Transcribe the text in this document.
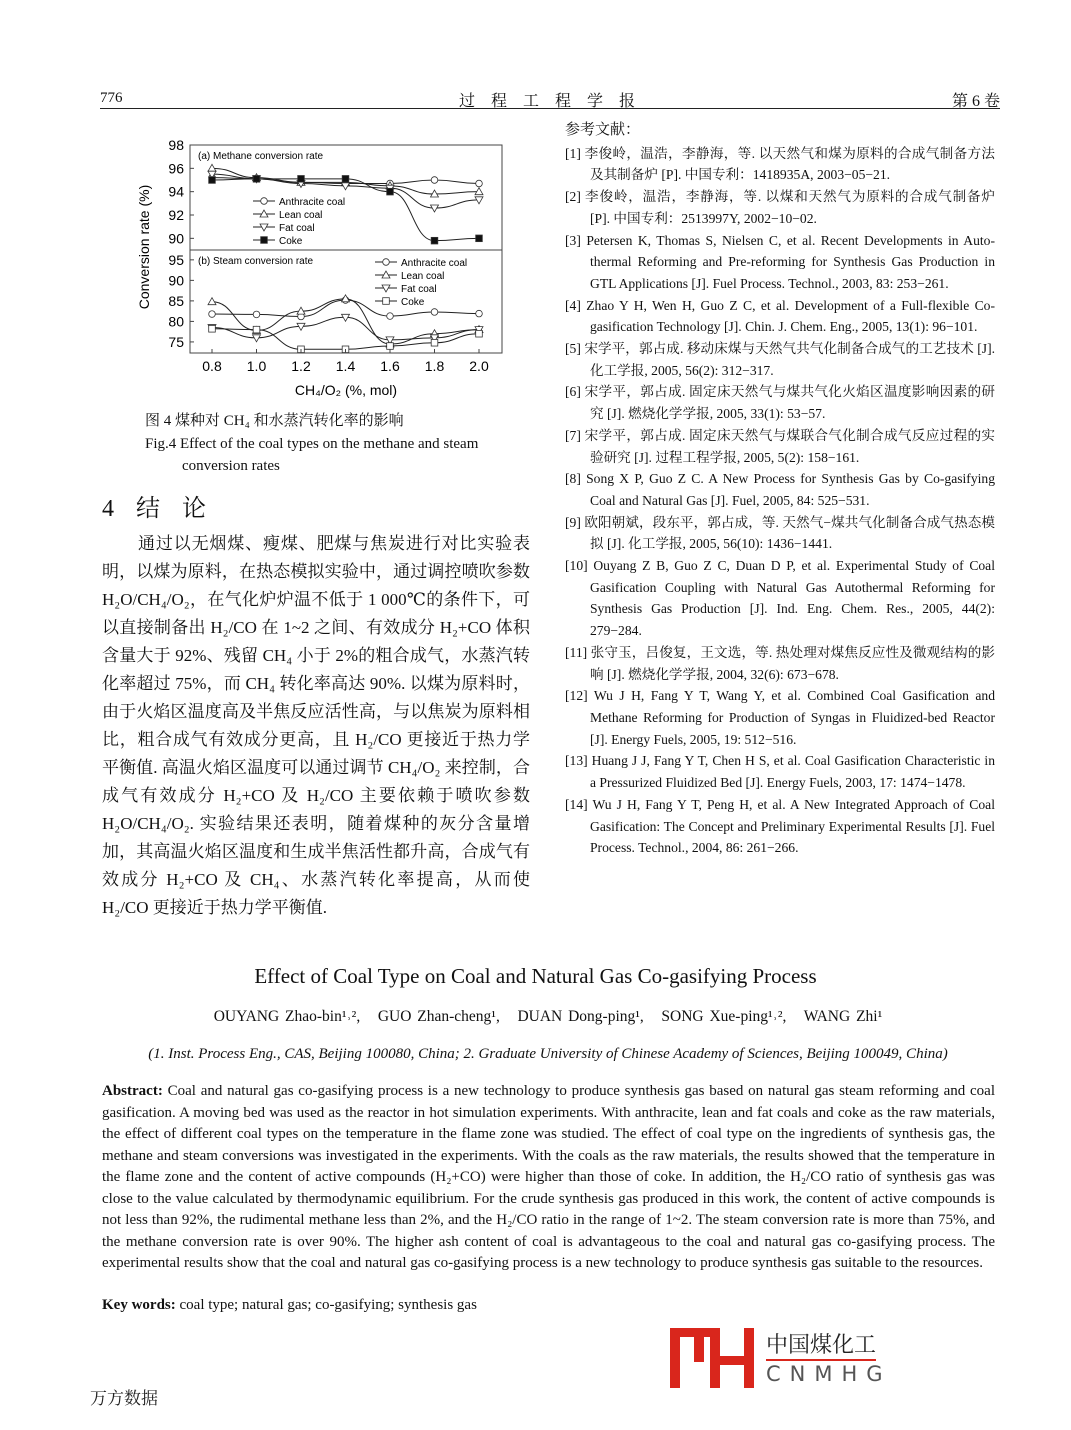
776	过 程 工 程 学 报	第 6 卷
90
92
94
96
98
(a) Methane conversion rate
Anthracite coal
Lean coal
Fat coal
Coke
75
80
85
90
95 (b) Steam conversion rate	Anthracite coal
Lean coal
Fat coal
Coke
0.8 1.0 1.2 1.4 1.6 1.8 2.0
CH₄/O₂ (%, mol)
Conversion rate (%)
图 4 煤种对 CH₄ 和水蒸汽转化率的影响
Fig.4 Effect of the coal types on the methane and steam
conversion rates
4 结 论
通过以无烟煤、瘦煤、肥煤与焦炭进行对比实验表明，以煤为原料，在热态模拟实验中，通过调控喷吹参数 H₂O/CH₄/O₂，在气化炉炉温不低于 1 000℃的条件下，可以直接制备出 H₂/CO 在 1~2 之间、有效成分 H₂+CO 体积含量大于 92%、残留 CH₄ 小于 2%的粗合成气，水蒸汽转化率超过 75%，而 CH₄ 转化率高达 90%. 以煤为原料时，由于火焰区温度高及半焦反应活性高，与以焦炭为原料相比，粗合成气有效成分更高，且 H₂/CO 更接近于热力学平衡值. 高温火焰区温度可以通过调节 CH₄/O₂ 来控制，合成气有效成分 H₂+CO 及 H₂/CO 主要依赖于喷吹参数 H₂O/CH₄/O₂. 实验结果还表明，随着煤种的灰分含量增加，其高温火焰区温度和生成半焦活性都升高，合成气有效成分 H₂+CO 及 CH₄、水蒸汽转化率提高，从而使 H₂/CO 更接近于热力学平衡值.
参考文献：
[1] 李俊岭，温浩，李静海，等. 以天然气和煤为原料的合成气制备方法及其制备炉 [P]. 中国专利：1418935A, 2003−05−21.
[2] 李俊岭，温浩，李静海，等. 以煤和天然气为原料的合成气制备炉 [P]. 中国专利：2513997Y, 2002−10−02.
[3] Petersen K, Thomas S, Nielsen C, et al. Recent Developments in Auto-thermal Reforming and Pre-reforming for Synthesis Gas Production in GTL Applications [J]. Fuel Process. Technol., 2003, 83: 253−261.
[4] Zhao Y H, Wen H, Guo Z C, et al. Development of a Full-flexible Co-gasification Technology [J]. Chin. J. Chem. Eng., 2005, 13(1): 96−101.
[5] 宋学平，郭占成. 移动床煤与天然气共气化制备合成气的工艺技术 [J]. 化工学报, 2005, 56(2): 312−317.
[6] 宋学平，郭占成. 固定床天然气与煤共气化火焰区温度影响因素的研究 [J]. 燃烧化学学报, 2005, 33(1): 53−57.
[7] 宋学平，郭占成. 固定床天然气与煤联合气化制合成气反应过程的实验研究 [J]. 过程工程学报, 2005, 5(2): 158−161.
[8] Song X P, Guo Z C. A New Process for Synthesis Gas by Co-gasifying Coal and Natural Gas [J]. Fuel, 2005, 84: 525−531.
[9] 欧阳朝斌，段东平，郭占成，等. 天然气−煤共气化制备合成气热态模拟 [J]. 化工学报, 2005, 56(10): 1436−1441.
[10] Ouyang Z B, Guo Z C, Duan D P, et al. Experimental Study of Coal Gasification Coupling with Natural Gas Autothermal Reforming for Synthesis Gas Production [J]. Ind. Eng. Chem. Res., 2005, 44(2): 279−284.
[11] 张守玉，吕俊复，王文选，等. 热处理对煤焦反应性及微观结构的影响 [J]. 燃烧化学学报, 2004, 32(6): 673−678.
[12] Wu J H, Fang Y T, Wang Y, et al. Combined Coal Gasification and Methane Reforming for Production of Syngas in Fluidized-bed Reactor [J]. Energy Fuels, 2005, 19: 512−516.
[13] Huang J J, Fang Y T, Chen H S, et al. Coal Gasification Characteristic in a Pressurized Fluidized Bed [J]. Energy Fuels, 2003, 17: 1474−1478.
[14] Wu J H, Fang Y T, Peng H, et al. A New Integrated Approach of Coal Gasification: The Concept and Preliminary Experimental Results [J]. Fuel Process. Technol., 2004, 86: 261−266.
Effect of Coal Type on Coal and Natural Gas Co-gasifying Process
OUYANG Zhao-bin¹˒²,   GUO Zhan-cheng¹,   DUAN Dong-ping¹,   SONG Xue-ping¹˒²,   WANG Zhi¹
(1. Inst. Process Eng., CAS, Beijing 100080, China; 2. Graduate University of Chinese Academy of Sciences, Beijing 100049, China)
Abstract: Coal and natural gas co-gasifying process is a new technology to produce synthesis gas based on natural gas steam reforming and coal gasification. A moving bed was used as the reactor in hot simulation experiments. With anthracite, lean and fat coals and coke as the raw materials, the effect of different coal types on the temperature in the flame zone was studied. The effect of coal type on the ingredients of synthesis gas, the methane and steam conversions was investigated in the experiments. With the coals as the raw materials, the results showed that the temperature in the flame zone and the content of active compounds (H₂+CO) were higher than those of coke. In addition, the H₂/CO ratio of synthesis gas was close to the value calculated by thermodynamic equilibrium. For the crude synthesis gas produced in this work, the content of active compounds is not less than 92%, the rudimental methane less than 2%, and the H₂/CO ratio in the range of 1~2. The steam conversion rate is more than 75%, and the methane conversion rate is over 90%. The higher ash content of coal is advantageous to the coal and natural gas co-gasifying process. The experimental results show that the coal and natural gas co-gasifying process is a new technology to produce synthesis gas suitable to the resources.
Key words: coal type; natural gas; co-gasifying; synthesis gas
中国煤化工
CNMHG
万方数据
